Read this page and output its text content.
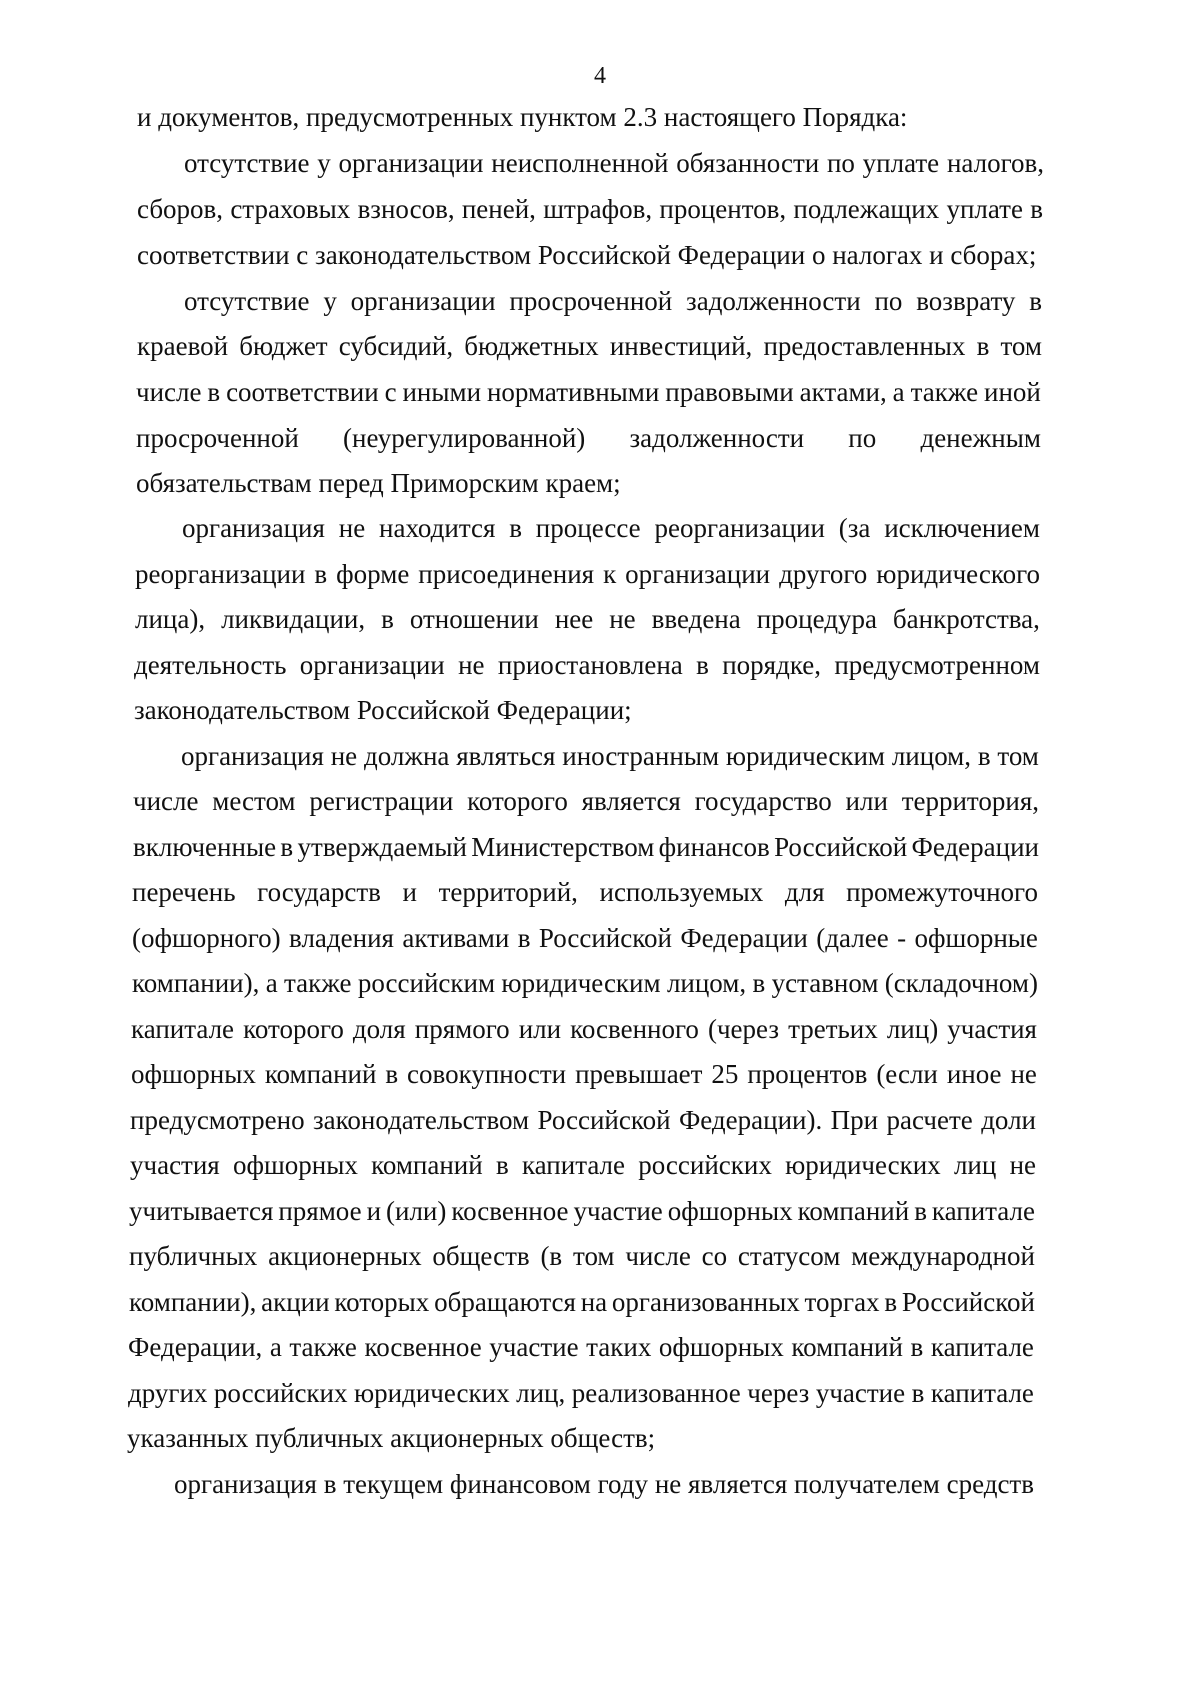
4

и документов, предусмотренных пунктом 2.3 настоящего Порядка:

отсутствие у организации неисполненной обязанности по уплате налогов,

сборов, страховых взносов, пеней, штрафов, процентов, подлежащих уплате в

соответствии с законодательством Российской Федерации о налогах и сборах;

отсутствие у организации просроченной задолженности по возврату в

краевой бюджет субсидий, бюджетных инвестиций, предоставленных в том

числе в соответствии с иными нормативными правовыми актами, а также иной

просроченной (неурегулированной) задолженности по денежным

обязательствам перед Приморским краем;

организация не находится в процессе реорганизации (за исключением

реорганизации в форме присоединения к организации другого юридического

лица), ликвидации, в отношении нее не введена процедура банкротства,

деятельность организации не приостановлена в порядке, предусмотренном

законодательством Российской Федерации;

организация не должна являться иностранным юридическим лицом, в том

числе местом регистрации которого является государство или территория,

включенные в утверждаемый Министерством финансов Российской Федерации

перечень государств и территорий, используемых для промежуточного

(офшорного) владения активами в Российской Федерации (далее - офшорные

компании), а также российским юридическим лицом, в уставном (складочном)

капитале которого доля прямого или косвенного (через третьих лиц) участия

офшорных компаний в совокупности превышает 25 процентов (если иное не

предусмотрено законодательством Российской Федерации). При расчете доли

участия офшорных компаний в капитале российских юридических лиц не

учитывается прямое и (или) косвенное участие офшорных компаний в капитале

публичных акционерных обществ (в том числе со статусом международной

компании), акции которых обращаются на организованных торгах в Российской

Федерации, а также косвенное участие таких офшорных компаний в капитале

других российских юридических лиц, реализованное через участие в капитале

указанных публичных акционерных обществ;

организация в текущем финансовом году не является получателем средств
